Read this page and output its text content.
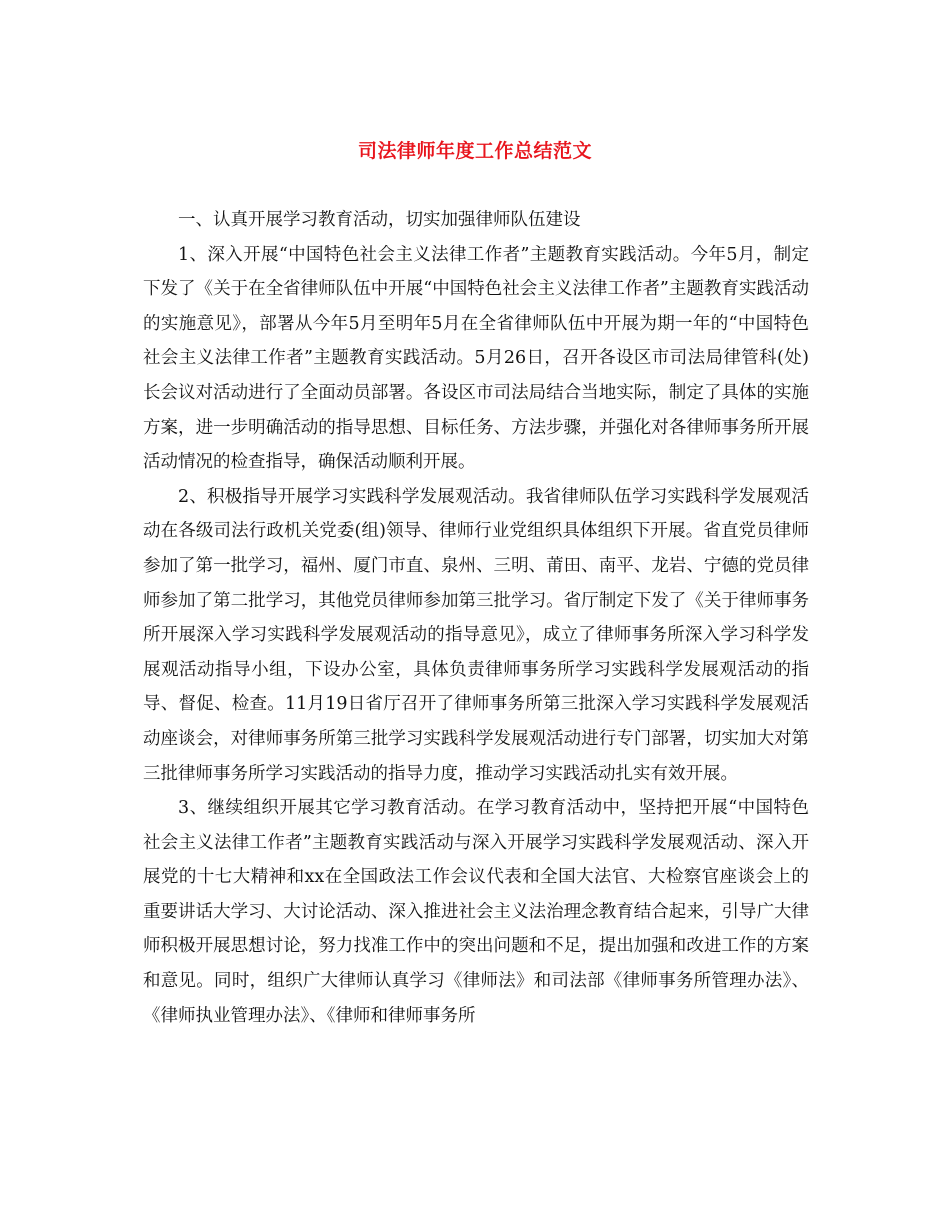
司法律师年度工作总结范文

一、认真开展学习教育活动，切实加强律师队伍建设

1、深入开展“中国特色社会主义法律工作者”主题教育实践活动。今年5月，制定下发了《关于在全省律师队伍中开展“中国特色社会主义法律工作者”主题教育实践活动的实施意见》，部署从今年5月至明年5月在全省律师队伍中开展为期一年的“中国特色社会主义法律工作者”主题教育实践活动。5月26日，召开各设区市司法局律管科(处)长会议对活动进行了全面动员部署。各设区市司法局结合当地实际，制定了具体的实施方案，进一步明确活动的指导思想、目标任务、方法步骤，并强化对各律师事务所开展活动情况的检查指导，确保活动顺利开展。

2、积极指导开展学习实践科学发展观活动。我省律师队伍学习实践科学发展观活动在各级司法行政机关党委(组)领导、律师行业党组织具体组织下开展。省直党员律师参加了第一批学习，福州、厦门市直、泉州、三明、莆田、南平、龙岩、宁德的党员律师参加了第二批学习，其他党员律师参加第三批学习。省厅制定下发了《关于律师事务所开展深入学习实践科学发展观活动的指导意见》，成立了律师事务所深入学习科学发展观活动指导小组，下设办公室，具体负责律师事务所学习实践科学发展观活动的指导、督促、检查。11月19日省厅召开了律师事务所第三批深入学习实践科学发展观活动座谈会，对律师事务所第三批学习实践科学发展观活动进行专门部署，切实加大对第三批律师事务所学习实践活动的指导力度，推动学习实践活动扎实有效开展。

3、继续组织开展其它学习教育活动。在学习教育活动中，坚持把开展“中国特色社会主义法律工作者”主题教育实践活动与深入开展学习实践科学发展观活动、深入开展党的十七大精神和xx在全国政法工作会议代表和全国大法官、大检察官座谈会上的重要讲话大学习、大讨论活动、深入推进社会主义法治理念教育结合起来，引导广大律师积极开展思想讨论，努力找准工作中的突出问题和不足，提出加强和改进工作的方案和意见。同时，组织广大律师认真学习《律师法》和司法部《律师事务所管理办法》、《律师执业管理办法》、《律师和律师事务所
